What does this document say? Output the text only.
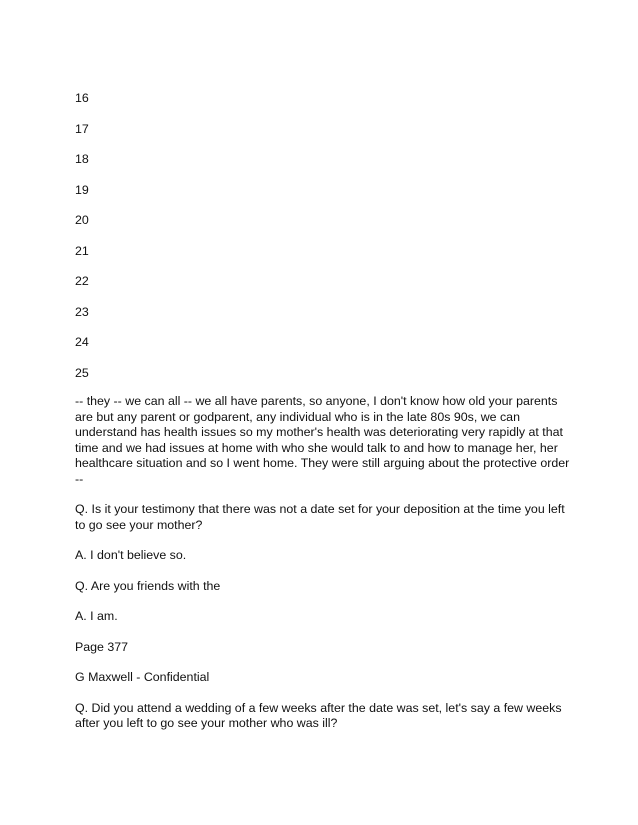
16
17
18
19
20
21
22
23
24
25

-- they -- we can all -- we all have parents, so anyone, I don't know how old your parents are but any parent or godparent, any individual who is in the late 80s 90s, we can understand has health issues so my mother's health was deteriorating very rapidly at that time and we had issues at home with who she would talk to and how to manage her, her healthcare situation and so I went home. They were still arguing about the protective order --

Q. Is it your testimony that there was not a date set for your deposition at the time you left to go see your mother?

A. I don't believe so.

Q. Are you friends with the

A. I am.

Page 377

G Maxwell - Confidential

Q. Did you attend a wedding of a few weeks after the date was set, let's say a few weeks after you left to go see your mother who was ill?
